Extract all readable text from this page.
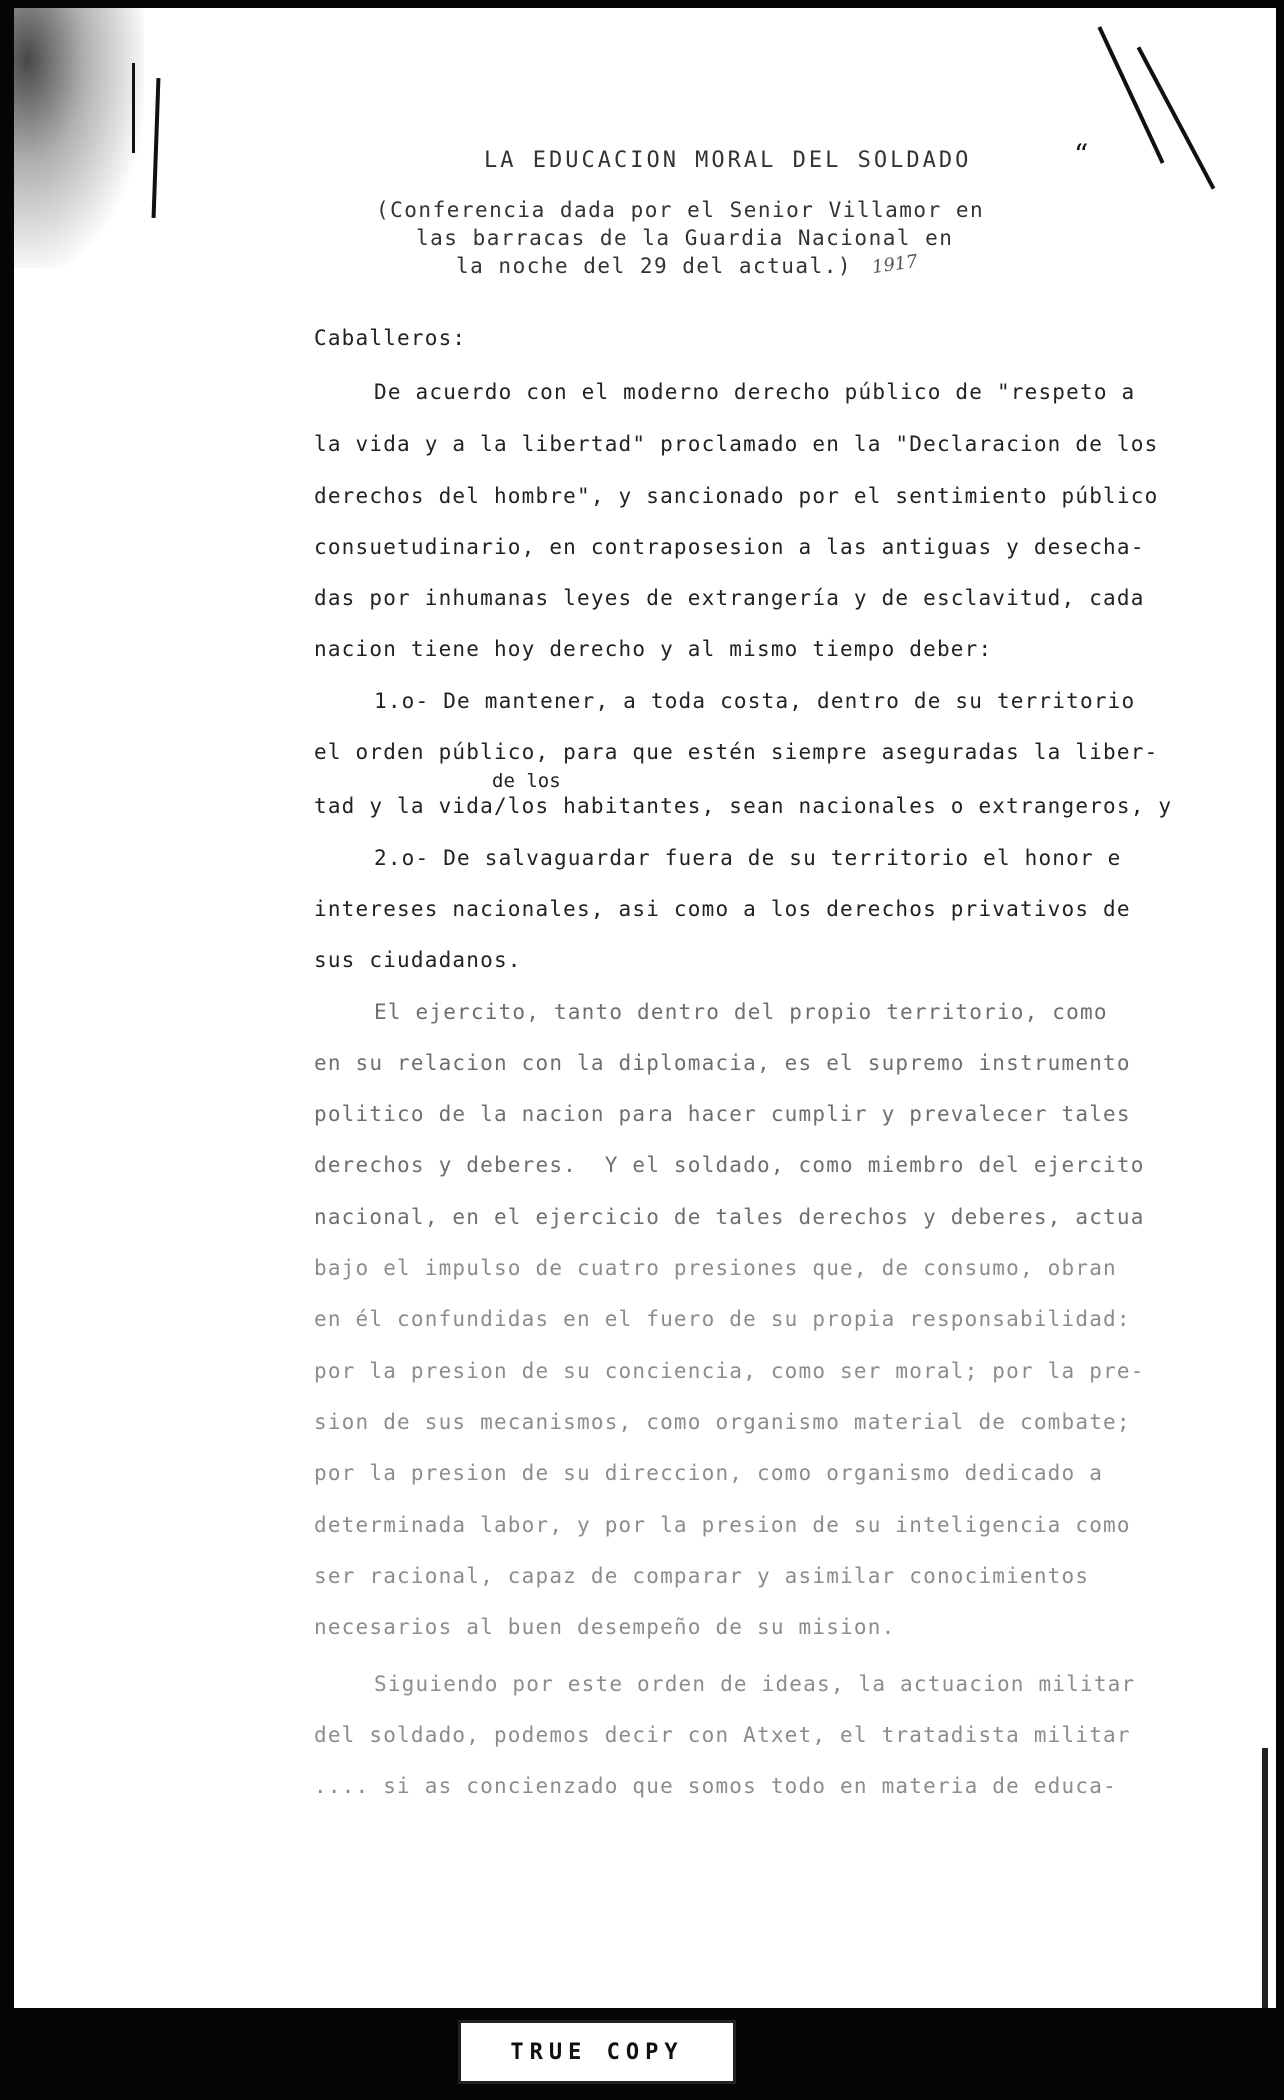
“
LA EDUCACION MORAL DEL SOLDADO
(Conferencia dada por el Senior Villamor en
las barracas de la Guardia Nacional en
la noche del 29 del actual.) 1917
Caballeros:
De acuerdo con el moderno derecho público de "respeto a
la vida y a la libertad" proclamado en la "Declaracion de los
derechos del hombre", y sancionado por el sentimiento público
consuetudinario, en contraposesion a las antiguas y desecha-
das por inhumanas leyes de extrangería y de esclavitud, cada
nacion tiene hoy derecho y al mismo tiempo deber:
1.o- De mantener, a toda costa, dentro de su territorio
el orden público, para que estén siempre aseguradas la liber-
de los
tad y la vida/los habitantes, sean nacionales o extrangeros, y
2.o- De salvaguardar fuera de su territorio el honor e
intereses nacionales, asi como a los derechos privativos de
sus ciudadanos.
El ejercito, tanto dentro del propio territorio, como
en su relacion con la diplomacia, es el supremo instrumento
politico de la nacion para hacer cumplir y prevalecer tales
derechos y deberes.  Y el soldado, como miembro del ejercito
nacional, en el ejercicio de tales derechos y deberes, actua
bajo el impulso de cuatro presiones que, de consumo, obran
en él confundidas en el fuero de su propia responsabilidad:
por la presion de su conciencia, como ser moral; por la pre-
sion de sus mecanismos, como organismo material de combate;
por la presion de su direccion, como organismo dedicado a
determinada labor, y por la presion de su inteligencia como
ser racional, capaz de comparar y asimilar conocimientos
necesarios al buen desempeño de su mision.
Siguiendo por este orden de ideas, la actuacion militar
del soldado, podemos decir con Atxet, el tratadista militar
.... si as concienzado que somos todo en materia de educa-
TRUE COPY
